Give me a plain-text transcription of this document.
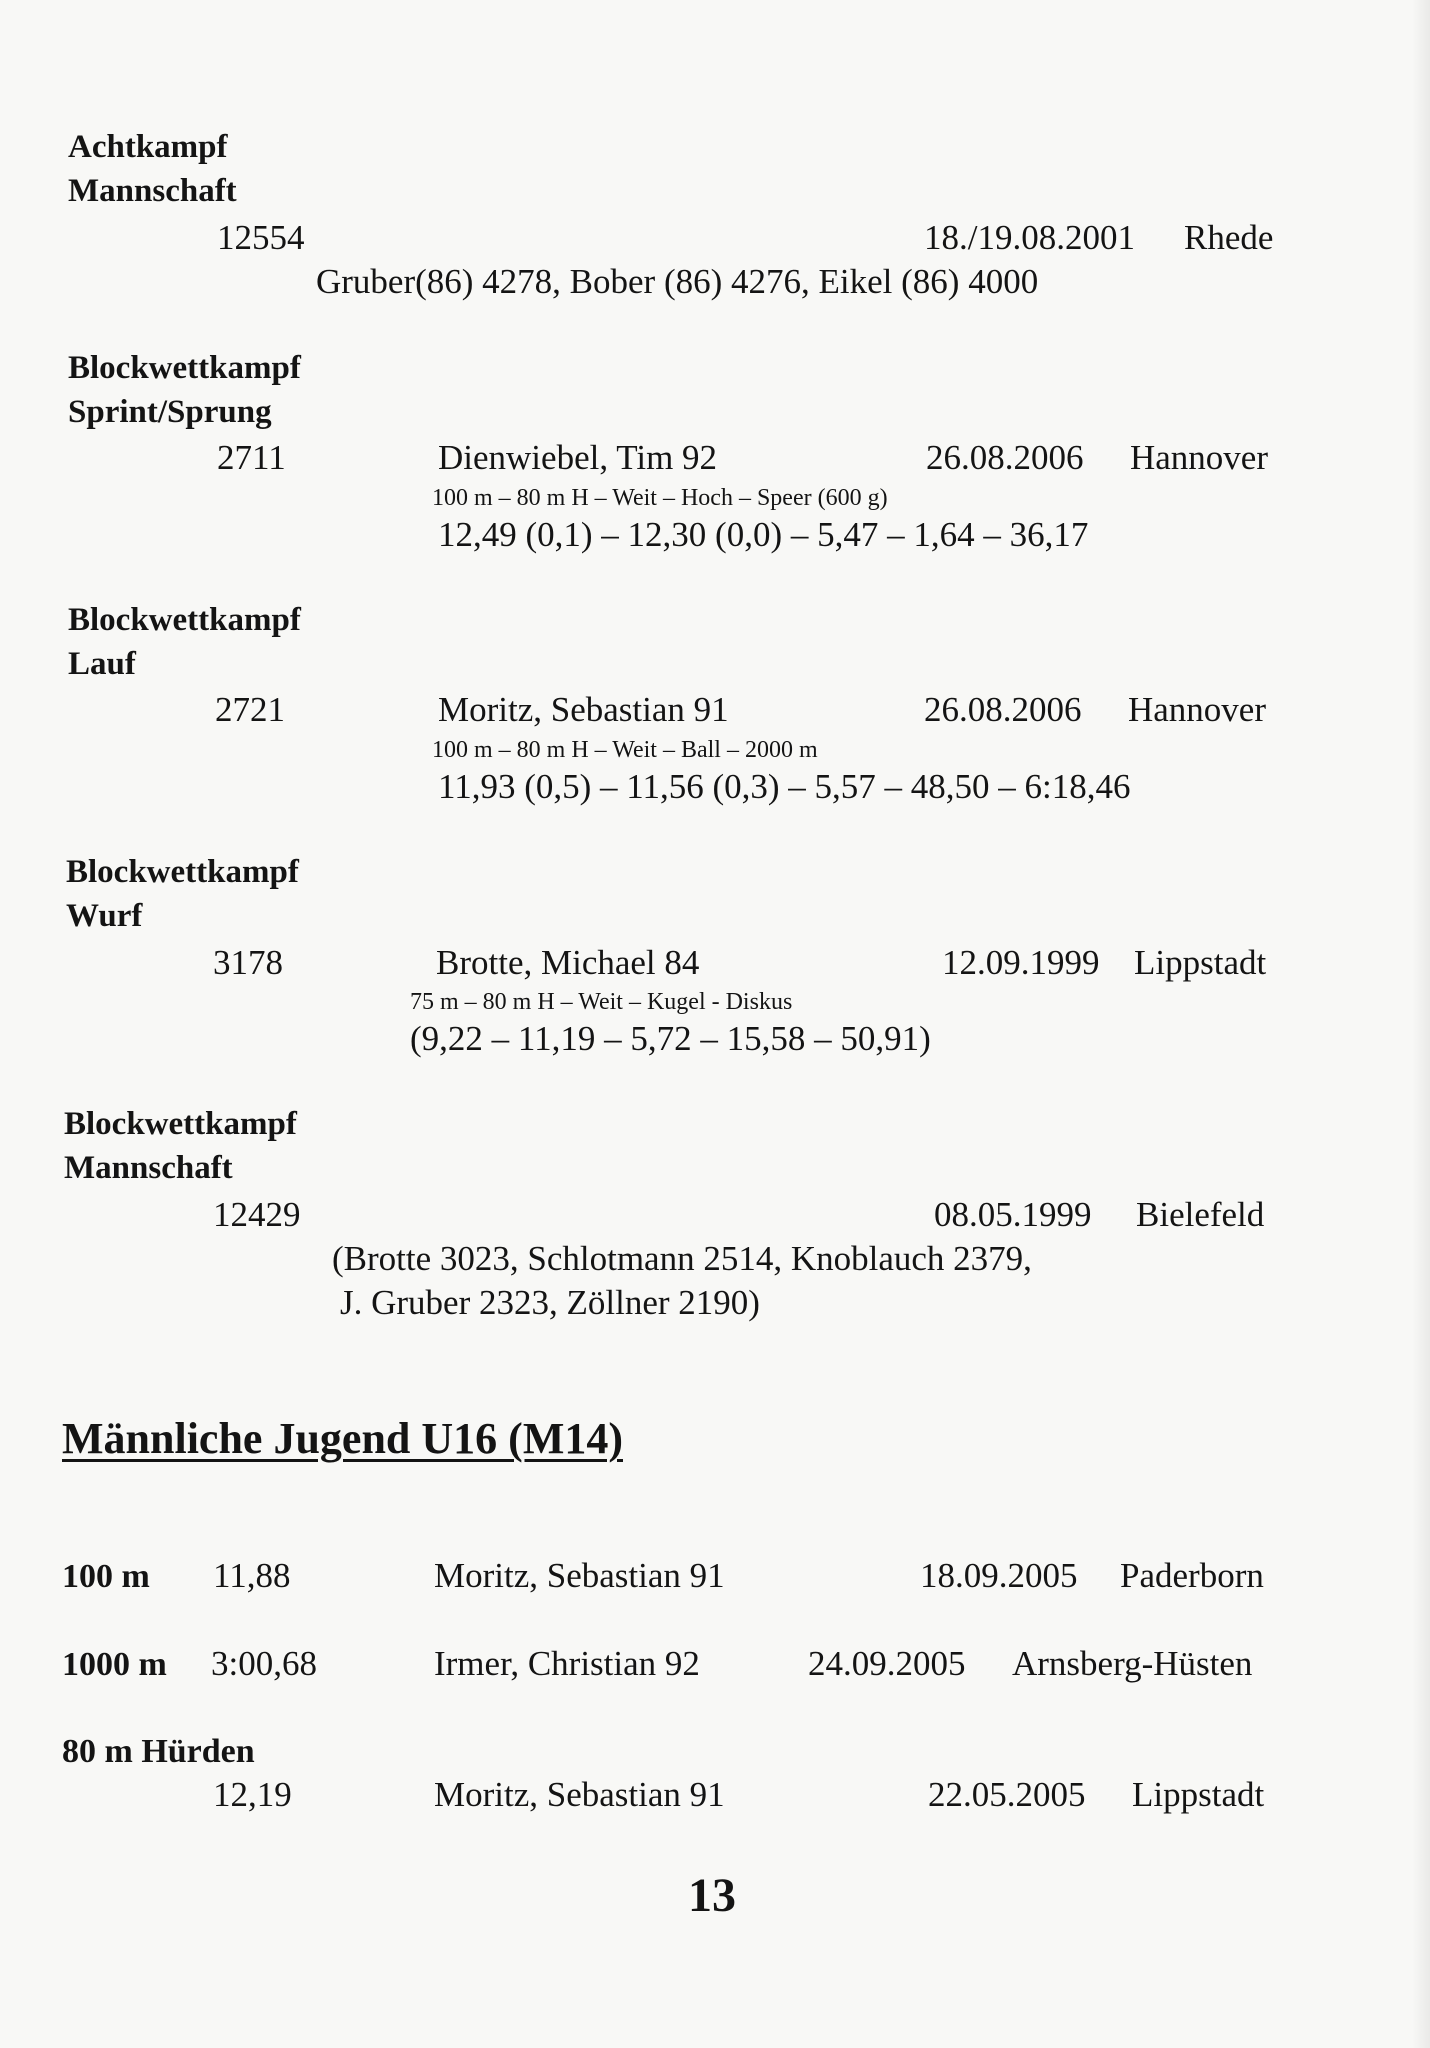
Achtkampf
Mannschaft
12554	18./19.08.2001 Rhede
Gruber(86) 4278, Bober (86) 4276, Eikel (86) 4000
Blockwettkampf
Sprint/Sprung
2711	Dienwiebel, Tim 92	26.08.2006 Hannover
100 m – 80 m H – Weit – Hoch – Speer (600 g)
12,49 (0,1) – 12,30 (0,0) – 5,47 – 1,64 – 36,17
Blockwettkampf
Lauf
2721	Moritz, Sebastian 91	26.08.2006 Hannover
100 m – 80 m H – Weit – Ball – 2000 m
11,93 (0,5) – 11,56 (0,3) – 5,57 – 48,50 – 6:18,46
Blockwettkampf
Wurf
3178	Brotte, Michael 84	12.09.1999 Lippstadt
75 m – 80 m H – Weit – Kugel - Diskus
(9,22 – 11,19 – 5,72 – 15,58 – 50,91)
Blockwettkampf
Mannschaft
12429	08.05.1999 Bielefeld
(Brotte 3023, Schlotmann 2514, Knoblauch 2379,
J. Gruber 2323, Zöllner 2190)
Männliche Jugend U16 (M14)
100 m 11,88	Moritz, Sebastian 91	18.09.2005 Paderborn
1000 m 3:00,68	Irmer, Christian 92	24.09.2005 Arnsberg-Hüsten
80 m Hürden
12,19	Moritz, Sebastian 91	22.05.2005 Lippstadt
13
